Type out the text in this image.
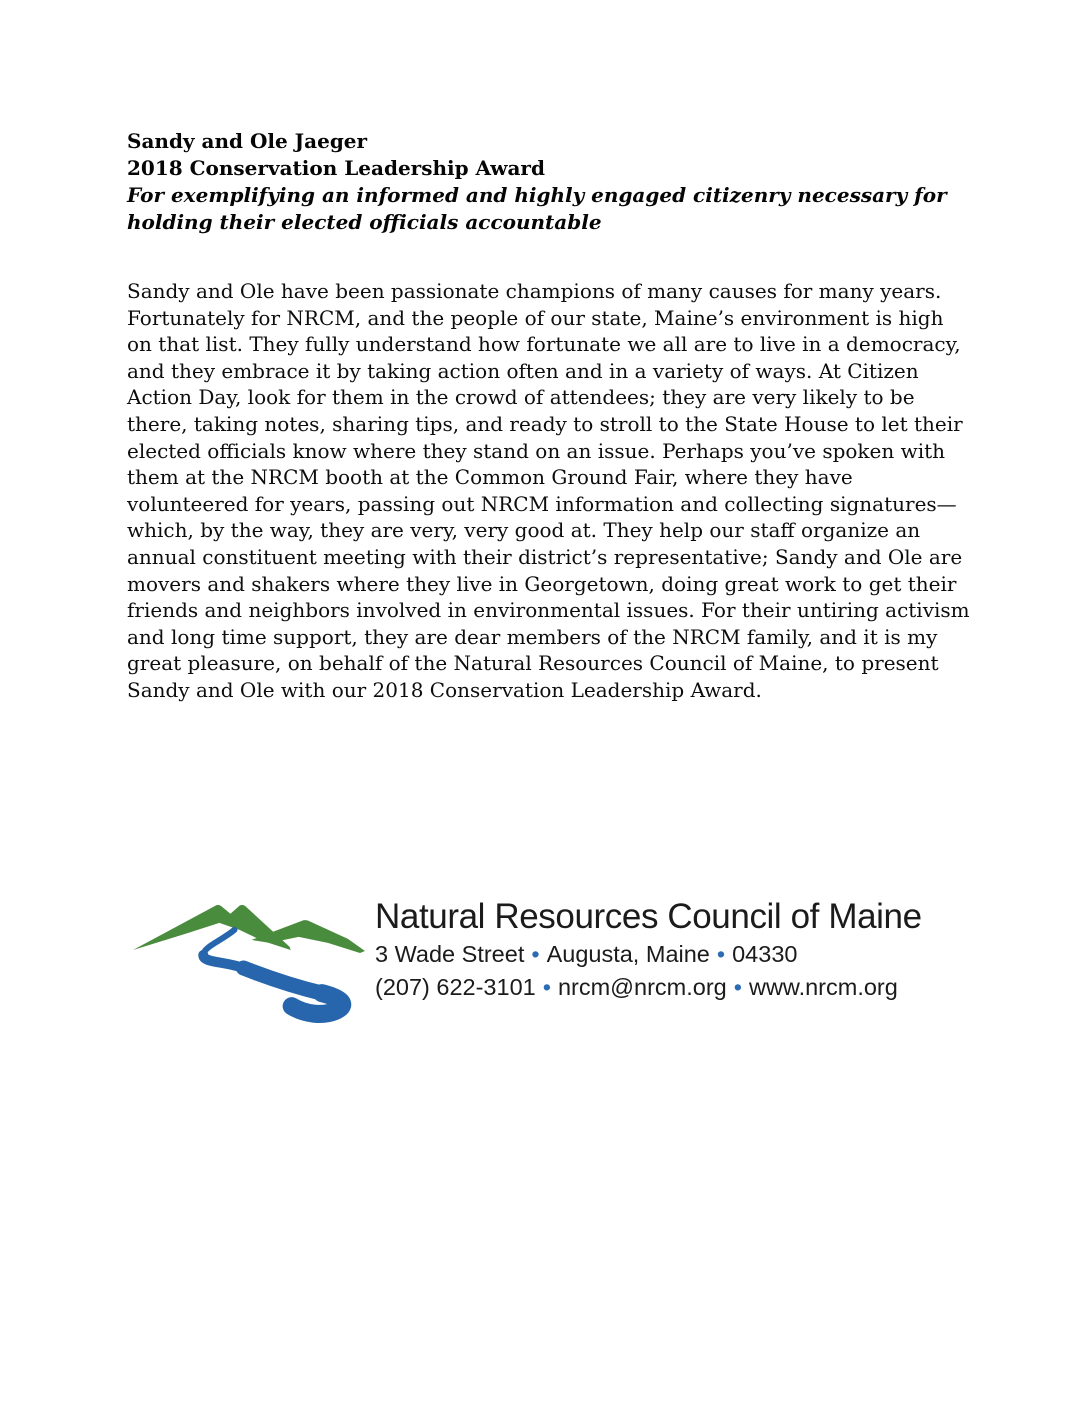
Sandy and Ole Jaeger
2018 Conservation Leadership Award
For exemplifying an informed and highly engaged citizenry necessary for holding their elected officials accountable

Sandy and Ole have been passionate champions of many causes for many years. Fortunately for NRCM, and the people of our state, Maine’s environment is high on that list. They fully understand how fortunate we all are to live in a democracy, and they embrace it by taking action often and in a variety of ways. At Citizen Action Day, look for them in the crowd of attendees; they are very likely to be there, taking notes, sharing tips, and ready to stroll to the State House to let their elected officials know where they stand on an issue. Perhaps you’ve spoken with them at the NRCM booth at the Common Ground Fair, where they have volunteered for years, passing out NRCM information and collecting signatures—which, by the way, they are very, very good at. They help our staff organize an annual constituent meeting with their district’s representative; Sandy and Ole are movers and shakers where they live in Georgetown, doing great work to get their friends and neighbors involved in environmental issues. For their untiring activism and long time support, they are dear members of the NRCM family, and it is my great pleasure, on behalf of the Natural Resources Council of Maine, to present Sandy and Ole with our 2018 Conservation Leadership Award.

Natural Resources Council of Maine
3 Wade Street • Augusta, Maine • 04330
(207) 622-3101 • nrcm@nrcm.org • www.nrcm.org
